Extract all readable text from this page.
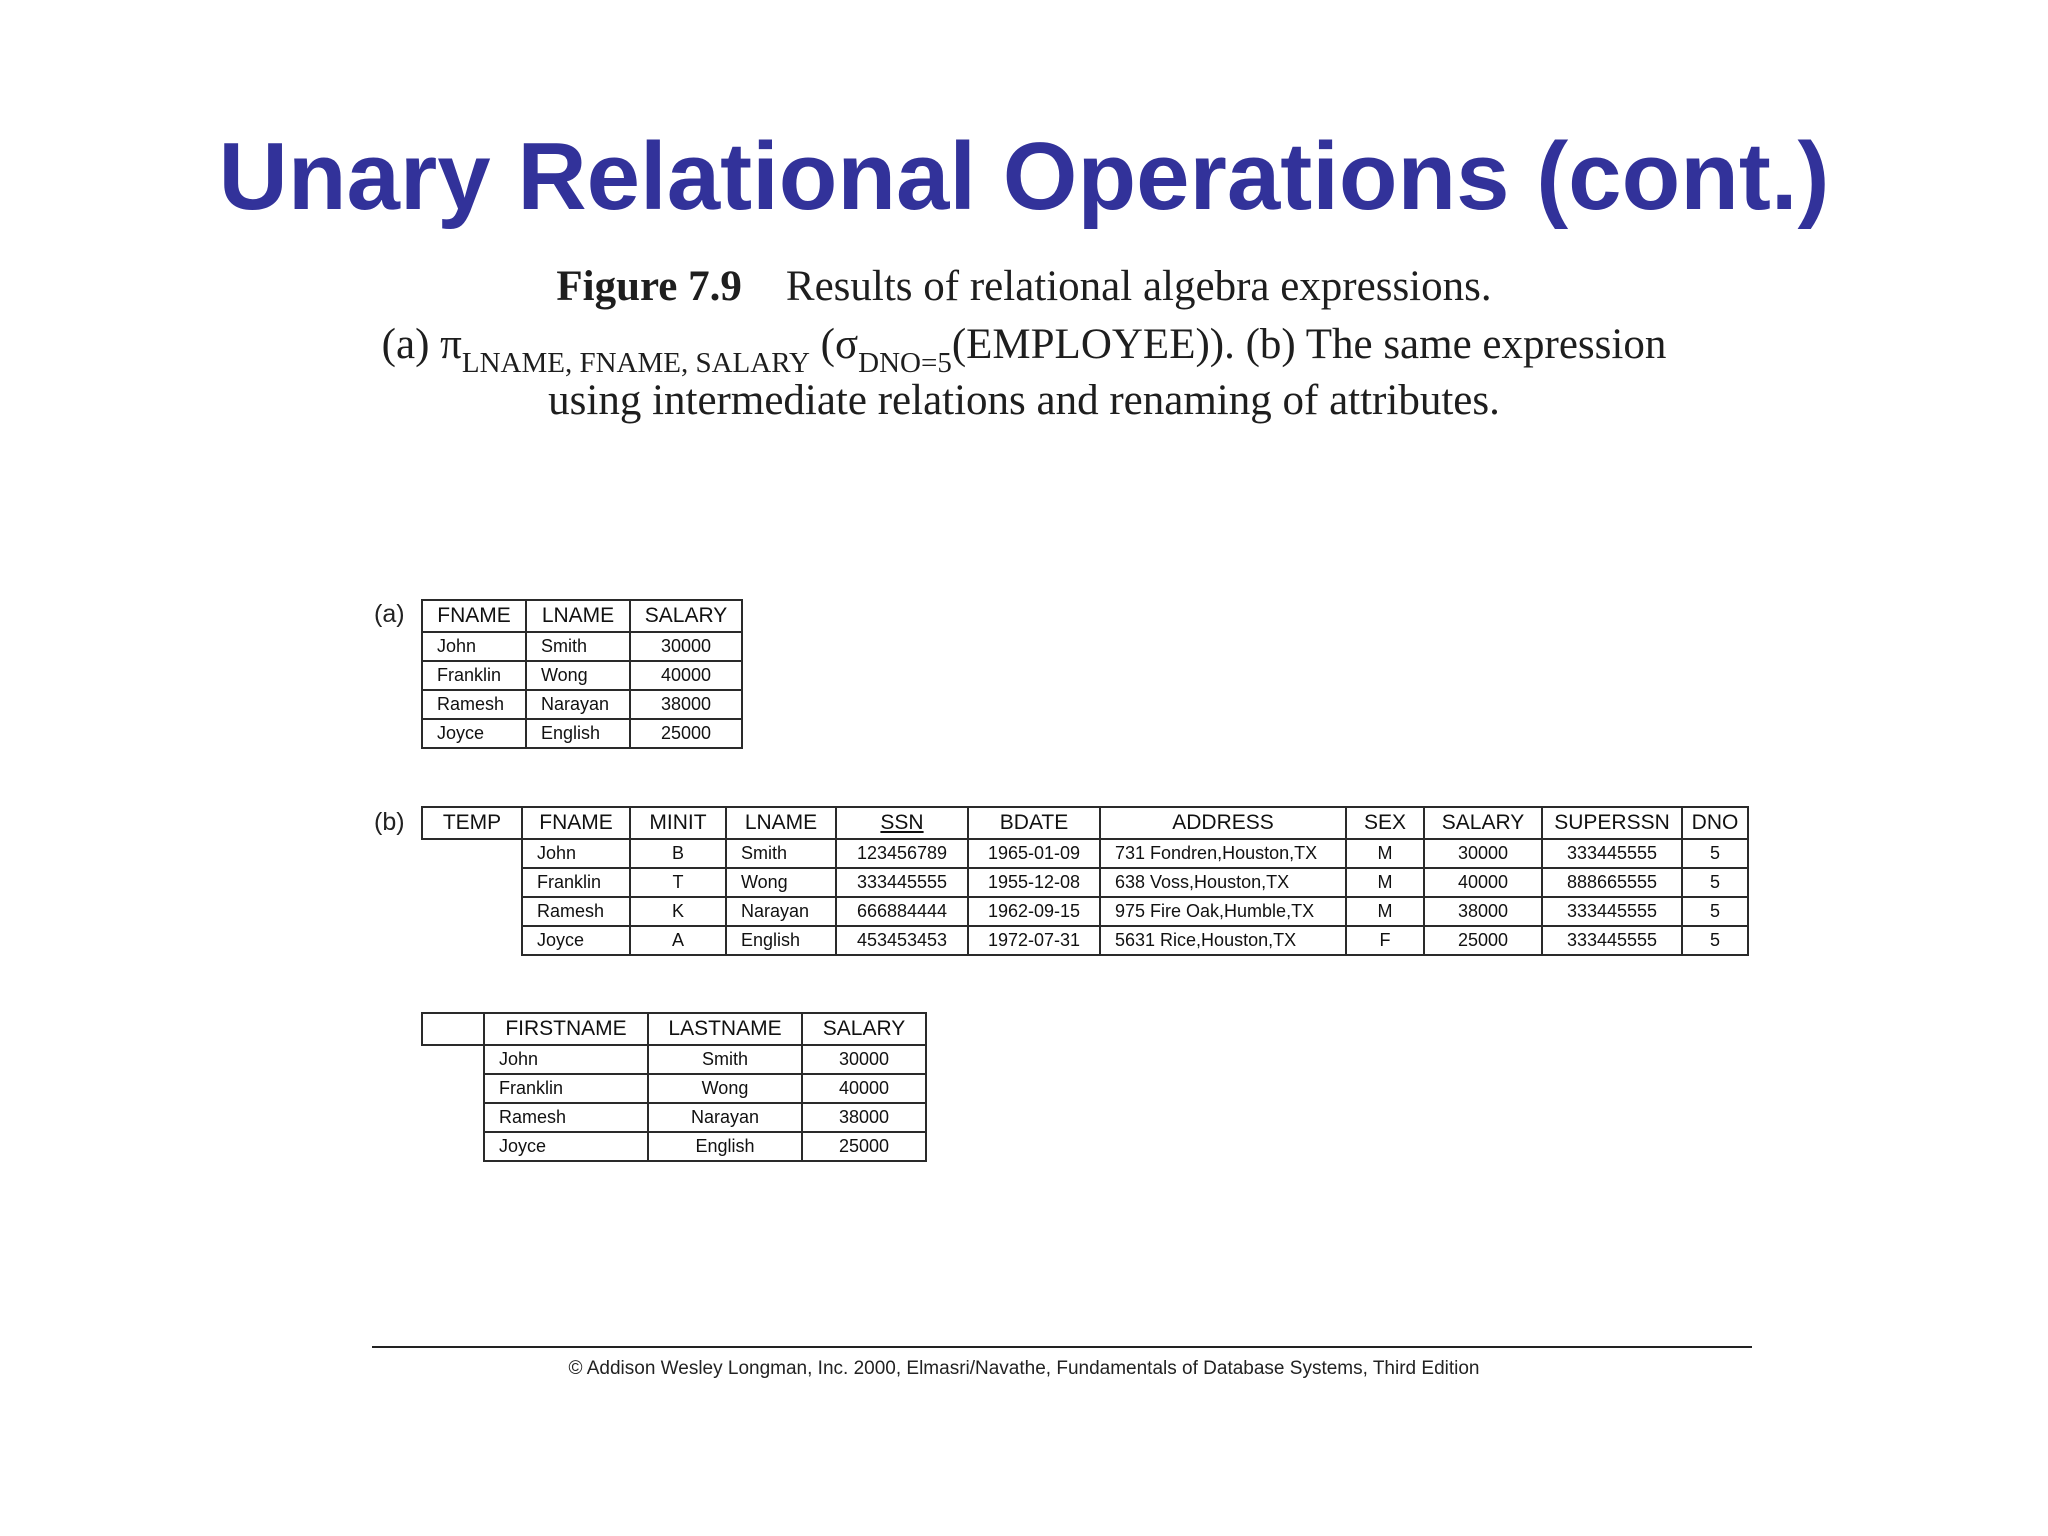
Unary Relational Operations (cont.)
Figure 7.9 Results of relational algebra expressions.
(a) $\pi_{LNAME, FNAME, SALARY}$ $(\sigma_{DNO=5}(EMPLOYEE))$. (b) The same expression
using intermediate relations and renaming of attributes.
(a) FNAME	LNAME	SALARY
John	Smith	30000
Franklin	Wong	40000
Ramesh	Narayan	38000
Joyce	English	25000
(b) TEMP	FNAME	MINIT	LNAME	SSN	BDATE	ADDRESS	SEX	SALARY	SUPERSSN	DNO
	John	B	Smith	123456789	1965-01-09	731 Fondren,Houston,TX	M	30000	333445555	5
	Franklin	T	Wong	333445555	1955-12-08	638 Voss,Houston,TX	M	40000	888665555	5
	Ramesh	K	Narayan	666884444	1962-09-15	975 Fire Oak,Humble,TX	M	38000	333445555	5
	Joyce	A	English	453453453	1972-07-31	5631 Rice,Houston,TX	F	25000	333445555	5
	FIRSTNAME	LASTNAME	SALARY
	John	Smith	30000
	Franklin	Wong	40000
	Ramesh	Narayan	38000
	Joyce	English	25000
© Addison Wesley Longman, Inc. 2000, Elmasri/Navathe, Fundamentals of Database Systems, Third Edition
